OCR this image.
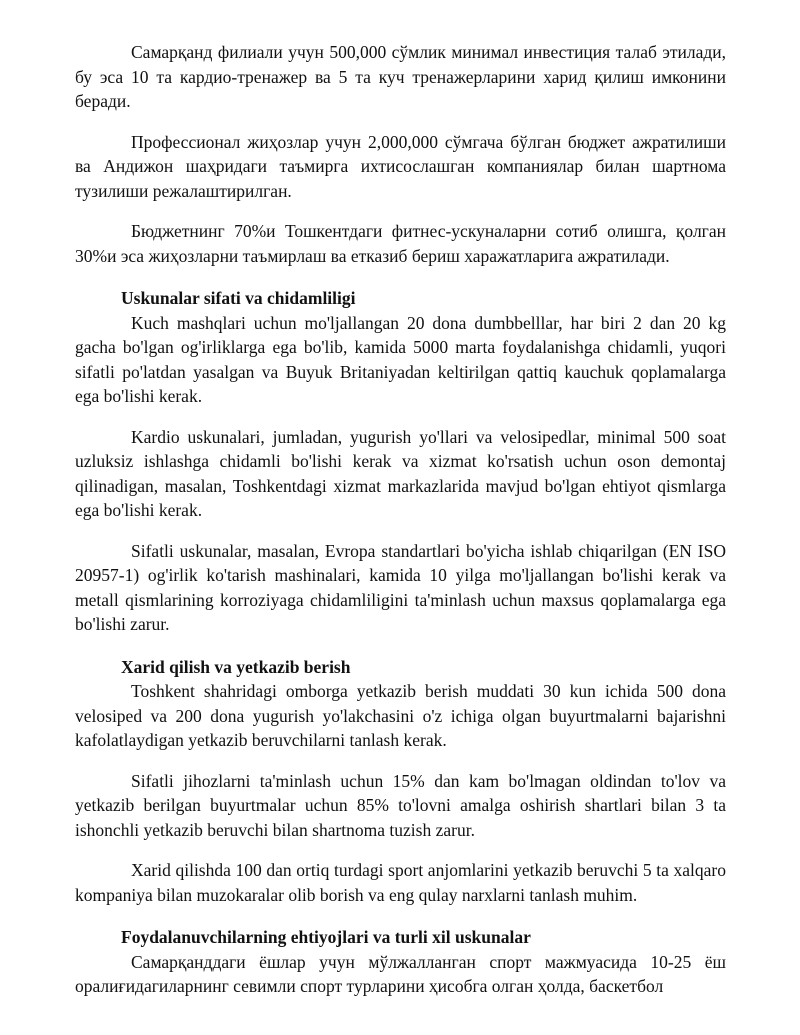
Самарқанд филиали учун 500,000 сўмлик минимал инвестиция талаб этилади, бу эса 10 та кардио-тренажер ва 5 та куч тренажерларини харид қилиш имконини беради.

Профессионал жиҳозлар учун 2,000,000 сўмгача бўлган бюджет ажратилиши ва Андижон шаҳридаги таъмирга ихтисослашган компаниялар билан шартнома тузилиши режалаштирилган.

Бюджетнинг 70%и Тошкентдаги фитнес-ускуналарни сотиб олишга, қолган 30%и эса жиҳозларни таъмирлаш ва етказиб бериш харажатларига ажратилади.

Uskunalar sifati va chidamliligi

Kuch mashqlari uchun mo'ljallangan 20 dona dumbbelllar, har biri 2 dan 20 kg gacha bo'lgan og'irliklarga ega bo'lib, kamida 5000 marta foydalanishga chidamli, yuqori sifatli po'latdan yasalgan va Buyuk Britaniyadan keltirilgan qattiq kauchuk qoplamalarga ega bo'lishi kerak.

Kardio uskunalari, jumladan, yugurish yo'llari va velosipedlar, minimal 500 soat uzluksiz ishlashga chidamli bo'lishi kerak va xizmat ko'rsatish uchun oson demontaj qilinadigan, masalan, Toshkentdagi xizmat markazlarida mavjud bo'lgan ehtiyot qismlarga ega bo'lishi kerak.

Sifatli uskunalar, masalan, Evropa standartlari bo'yicha ishlab chiqarilgan (EN ISO 20957-1) og'irlik ko'tarish mashinalari, kamida 10 yilga mo'ljallangan bo'lishi kerak va metall qismlarining korroziyaga chidamliligini ta'minlash uchun maxsus qoplamalarga ega bo'lishi zarur.

Xarid qilish va yetkazib berish

Toshkent shahridagi omborga yetkazib berish muddati 30 kun ichida 500 dona velosiped va 200 dona yugurish yo'lakchasini o'z ichiga olgan buyurtmalarni bajarishni kafolatlaydigan yetkazib beruvchilarni tanlash kerak.

Sifatli jihozlarni ta'minlash uchun 15% dan kam bo'lmagan oldindan to'lov va yetkazib berilgan buyurtmalar uchun 85% to'lovni amalga oshirish shartlari bilan 3 ta ishonchli yetkazib beruvchi bilan shartnoma tuzish zarur.

Xarid qilishda 100 dan ortiq turdagi sport anjomlarini yetkazib beruvchi 5 ta xalqaro kompaniya bilan muzokaralar olib borish va eng qulay narxlarni tanlash muhim.

Foydalanuvchilarning ehtiyojlari va turli xil uskunalar

Самарқанддаги ёшлар учун мўлжалланган спорт мажмуасида 10-25 ёш оралиғидагиларнинг севимли спорт турларини ҳисобга олган ҳолда, баскетбол
